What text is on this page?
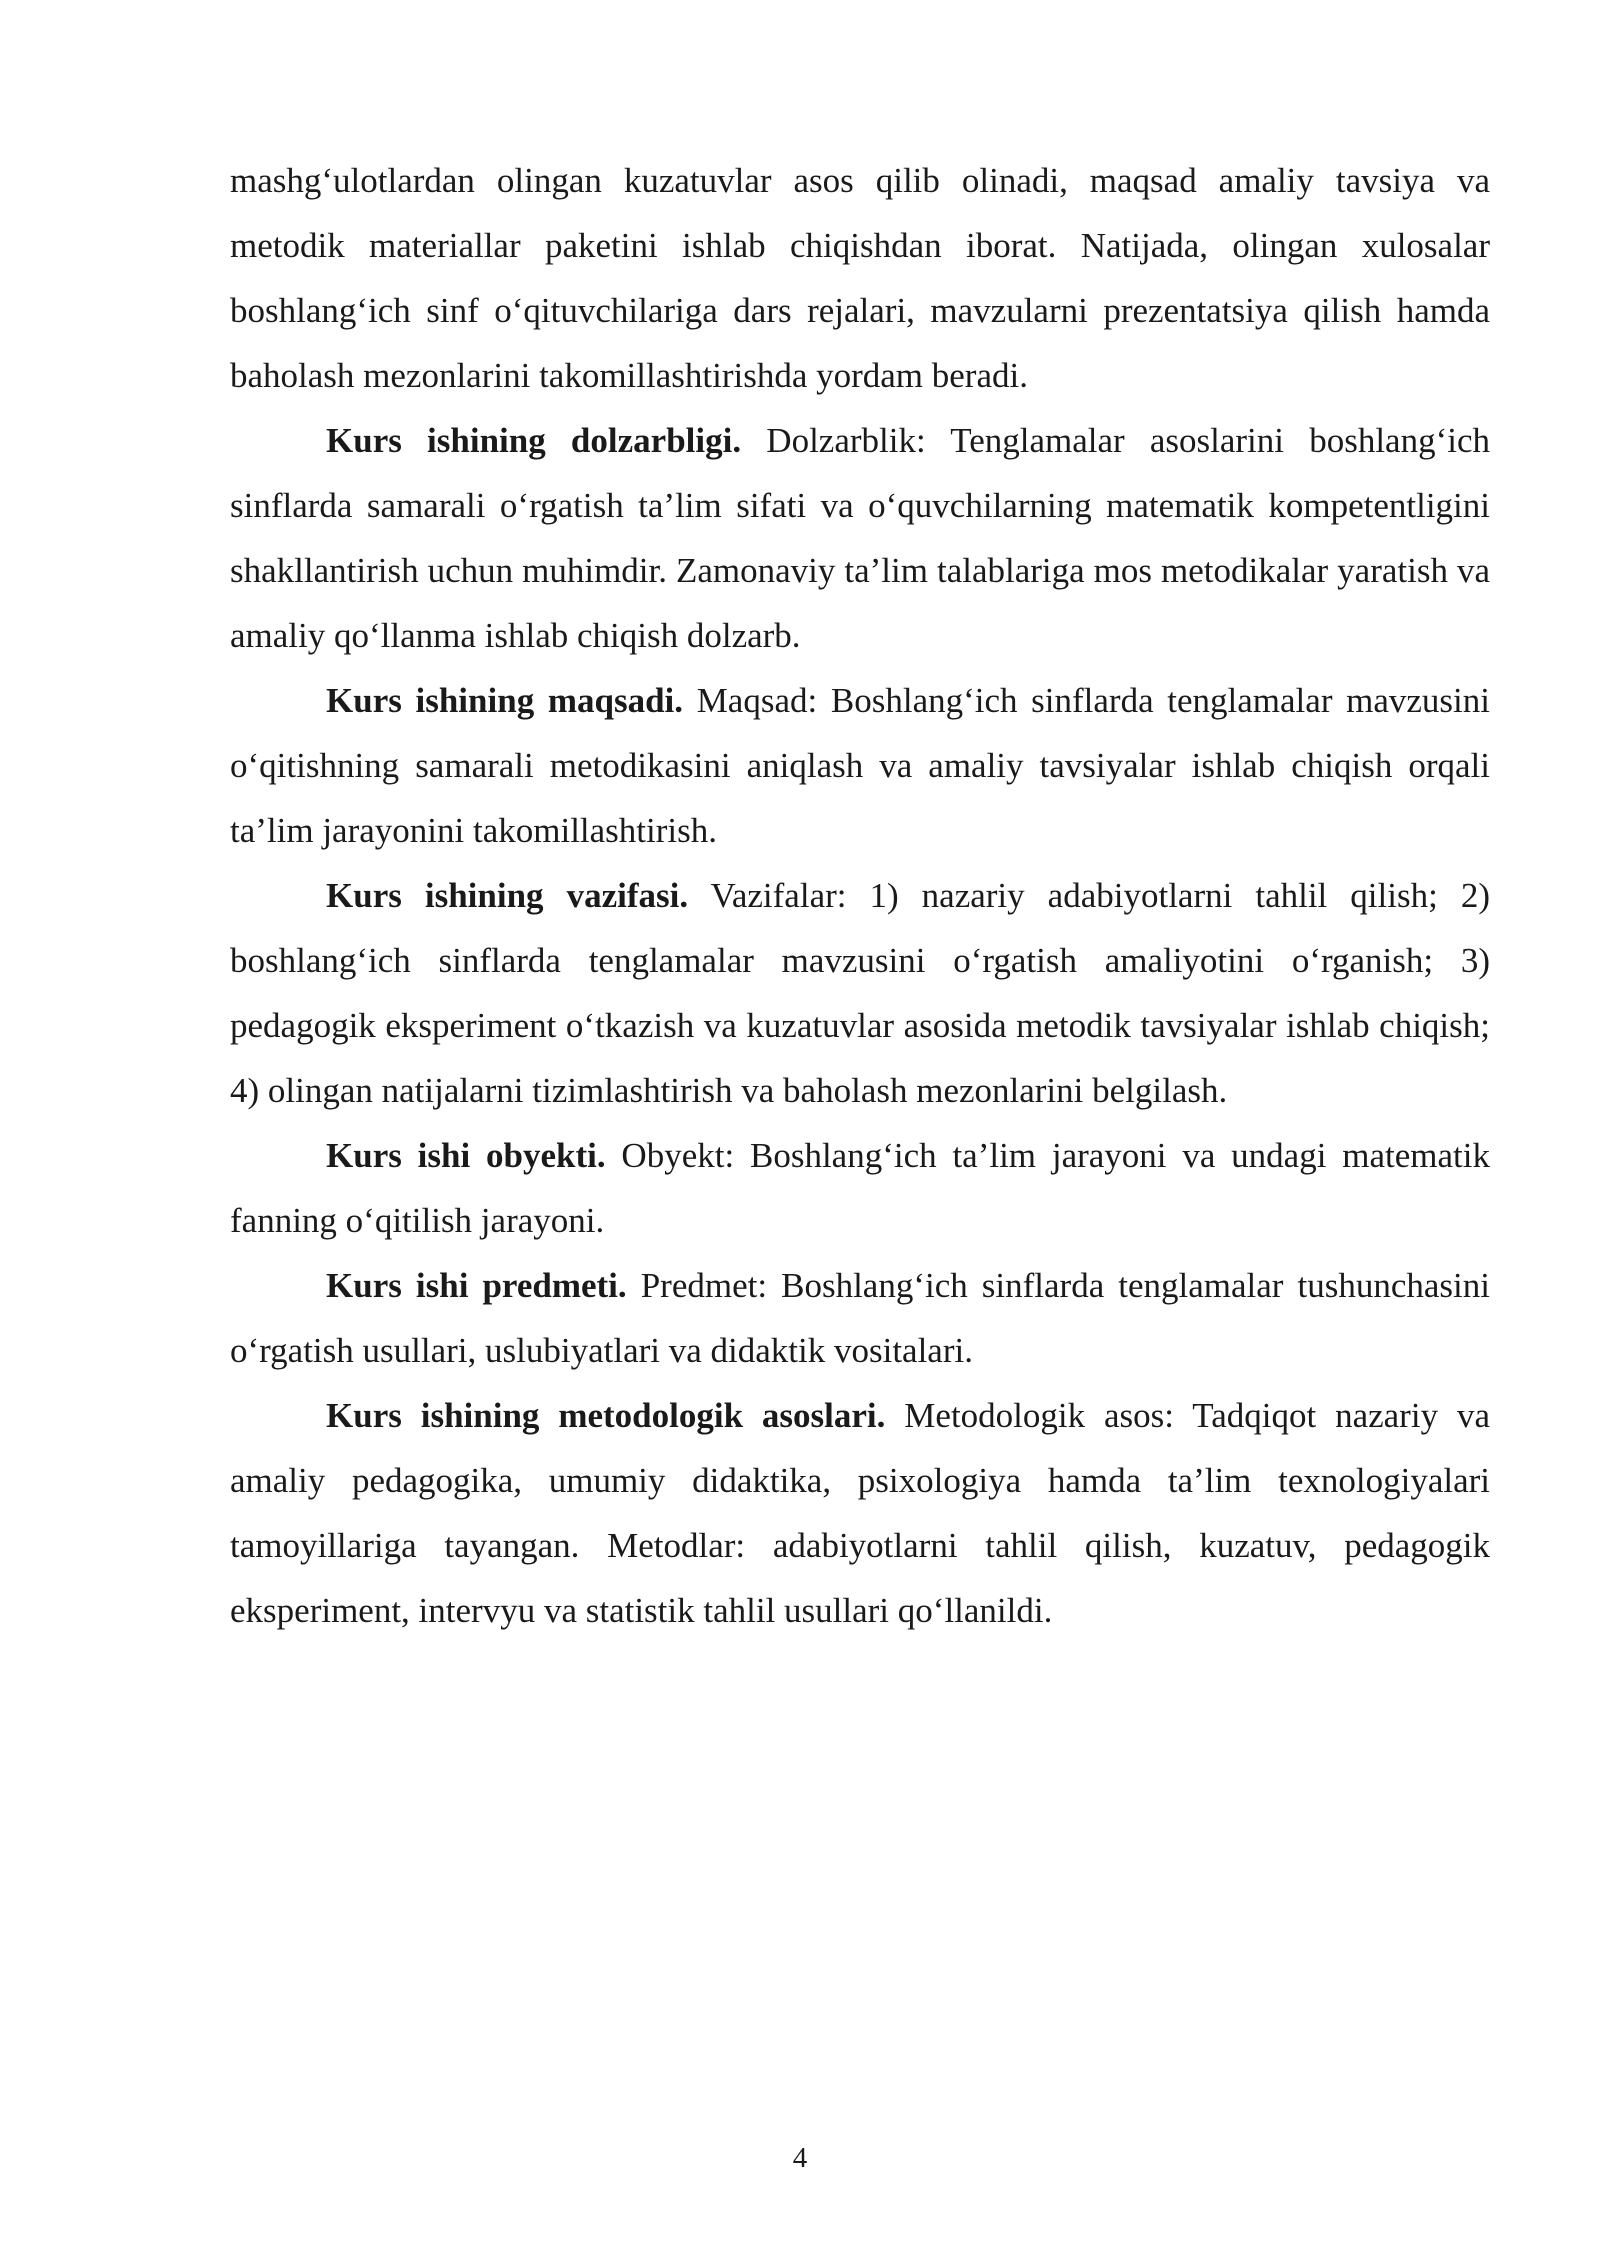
mashg‘ulotlardan olingan kuzatuvlar asos qilib olinadi, maqsad amaliy tavsiya va metodik materiallar paketini ishlab chiqishdan iborat. Natijada, olingan xulosalar boshlang‘ich sinf o‘qituvchilariga dars rejalari, mavzularni prezentatsiya qilish hamda baholash mezonlarini takomillashtirishda yordam beradi.

Kurs ishining dolzarbligi. Dolzarblik: Tenglamalar asoslarini boshlang‘ich sinflarda samarali o‘rgatish ta’lim sifati va o‘quvchilarning matematik kompetentligini shakllantirish uchun muhimdir. Zamonaviy ta’lim talablariga mos metodikalar yaratish va amaliy qo‘llanma ishlab chiqish dolzarb.

Kurs ishining maqsadi. Maqsad: Boshlang‘ich sinflarda tenglamalar mavzusini o‘qitishning samarali metodikasini aniqlash va amaliy tavsiyalar ishlab chiqish orqali ta’lim jarayonini takomillashtirish.

Kurs ishining vazifasi. Vazifalar: 1) nazariy adabiyotlarni tahlil qilish; 2) boshlang‘ich sinflarda tenglamalar mavzusini o‘rgatish amaliyotini o‘rganish; 3) pedagogik eksperiment o‘tkazish va kuzatuvlar asosida metodik tavsiyalar ishlab chiqish; 4) olingan natijalarni tizimlashtirish va baholash mezonlarini belgilash.

Kurs ishi obyekti. Obyekt: Boshlang‘ich ta’lim jarayoni va undagi matematik fanning o‘qitilish jarayoni.

Kurs ishi predmeti. Predmet: Boshlang‘ich sinflarda tenglamalar tushunchasini o‘rgatish usullari, uslubiyatlari va didaktik vositalari.

Kurs ishining metodologik asoslari. Metodologik asos: Tadqiqot nazariy va amaliy pedagogika, umumiy didaktika, psixologiya hamda ta’lim texnologiyalari tamoyillariga tayangan. Metodlar: adabiyotlarni tahlil qilish, kuzatuv, pedagogik eksperiment, intervyu va statistik tahlil usullari qo‘llanildi.

4
